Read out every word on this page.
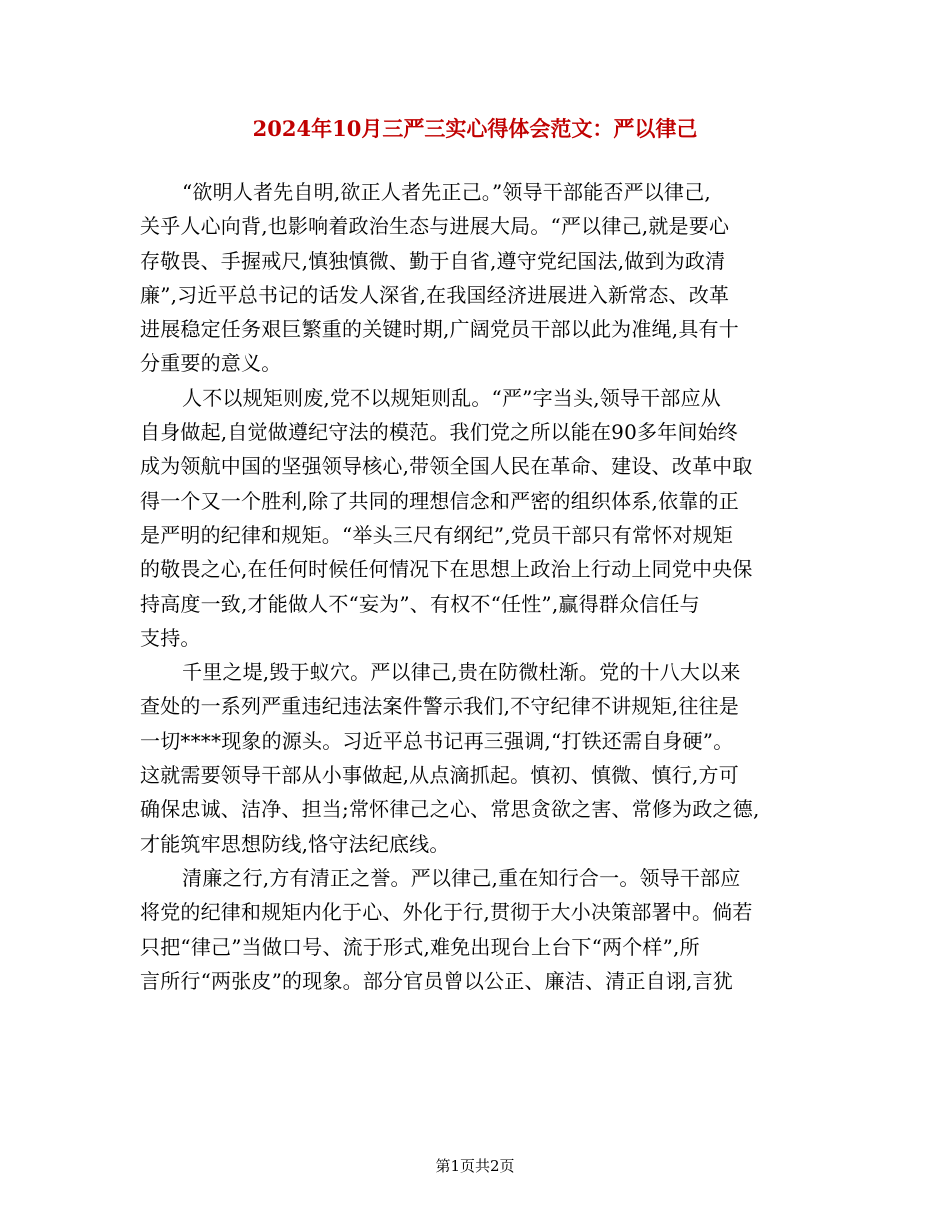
2024年10月三严三实心得体会范文：严以律己

“欲明人者先自明,欲正人者先正己。”领导干部能否严以律己,
关乎人心向背,也影响着政治生态与进展大局。“严以律己,就是要心
存敬畏、手握戒尺,慎独慎微、勤于自省,遵守党纪国法,做到为政清
廉”,习近平总书记的话发人深省,在我国经济进展进入新常态、改革
进展稳定任务艰巨繁重的关键时期,广阔党员干部以此为准绳,具有十
分重要的意义。

人不以规矩则废,党不以规矩则乱。“严”字当头,领导干部应从
自身做起,自觉做遵纪守法的模范。我们党之所以能在90多年间始终
成为领航中国的坚强领导核心,带领全国人民在革命、建设、改革中取
得一个又一个胜利,除了共同的理想信念和严密的组织体系,依靠的正
是严明的纪律和规矩。“举头三尺有纲纪”,党员干部只有常怀对规矩
的敬畏之心,在任何时候任何情况下在思想上政治上行动上同党中央保
持高度一致,才能做人不“妄为”、有权不“任性”,赢得群众信任与
支持。

千里之堤,毁于蚁穴。严以律己,贵在防微杜渐。党的十八大以来
查处的一系列严重违纪违法案件警示我们,不守纪律不讲规矩,往往是
一切****现象的源头。习近平总书记再三强调,“打铁还需自身硬”。
这就需要领导干部从小事做起,从点滴抓起。慎初、慎微、慎行,方可
确保忠诚、洁净、担当;常怀律己之心、常思贪欲之害、常修为政之德,
才能筑牢思想防线,恪守法纪底线。

清廉之行,方有清正之誉。严以律己,重在知行合一。领导干部应
将党的纪律和规矩内化于心、外化于行,贯彻于大小决策部署中。倘若
只把“律己”当做口号、流于形式,难免出现台上台下“两个样”,所
言所行“两张皮”的现象。部分官员曾以公正、廉洁、清正自诩,言犹

第1页共2页
